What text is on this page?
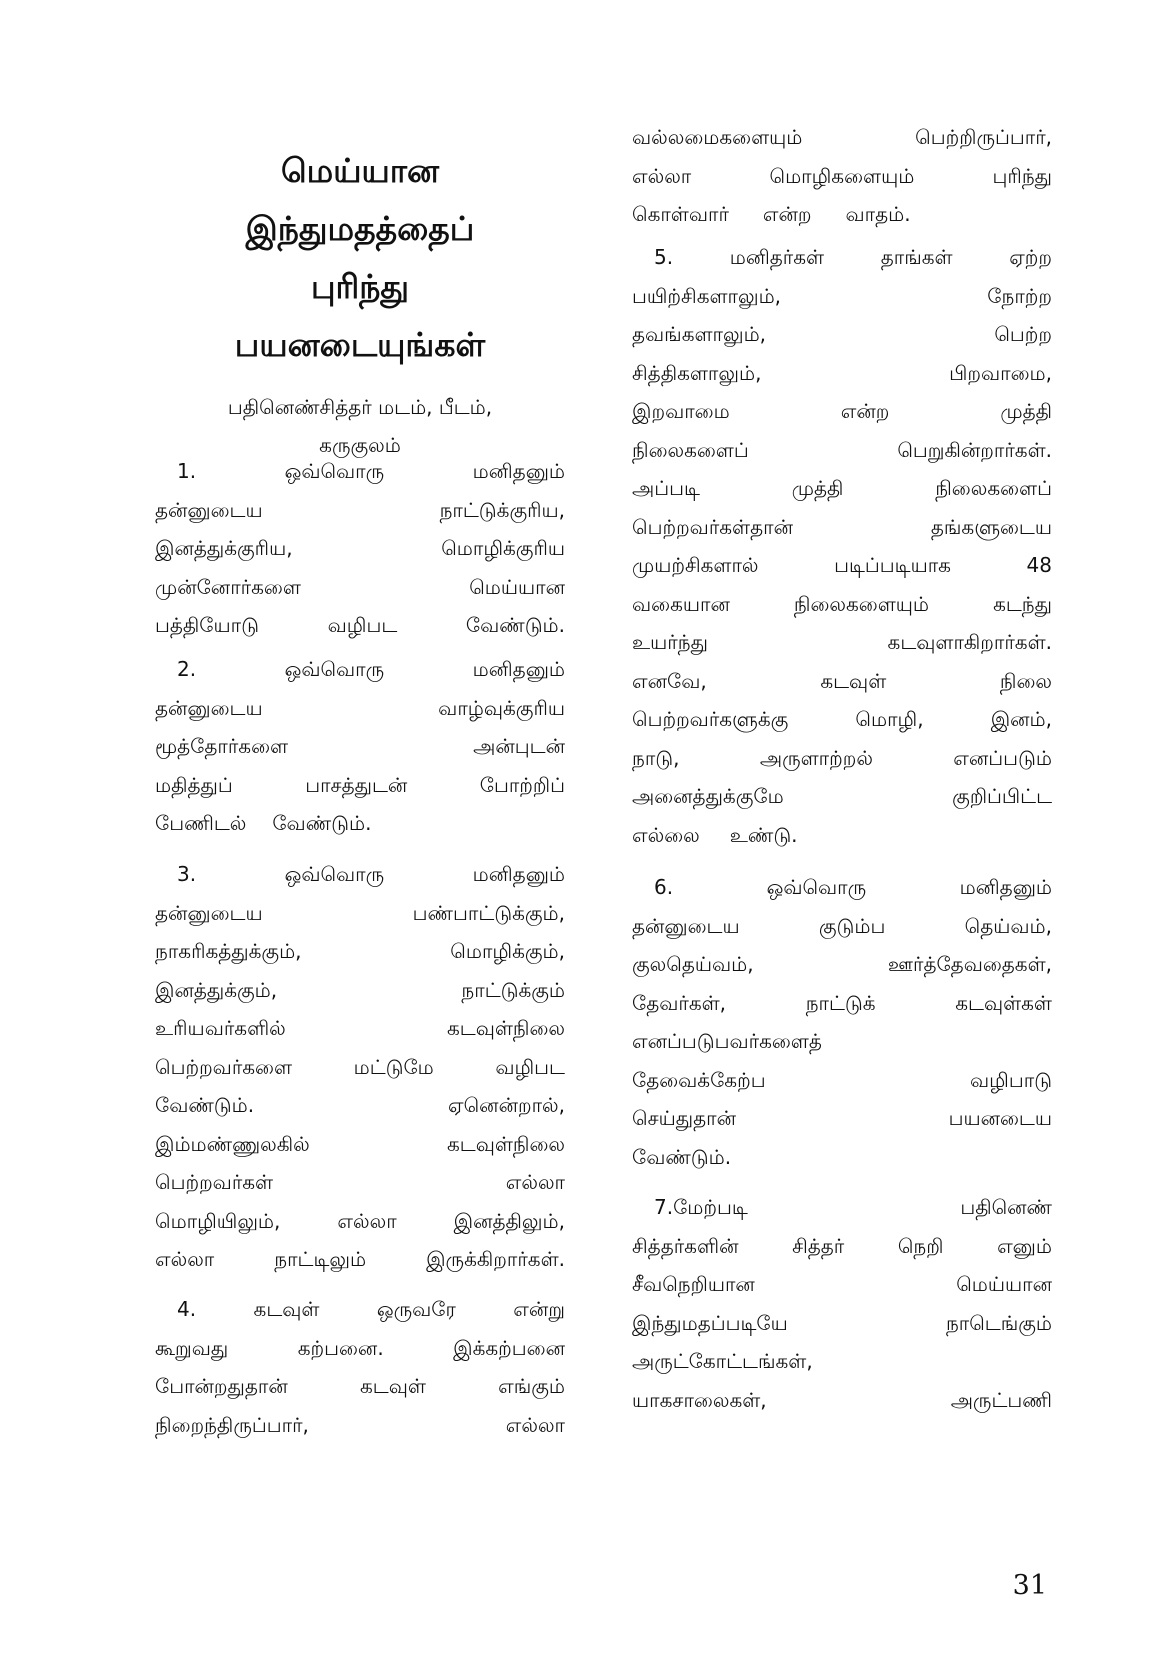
மெய்யான
இந்துமதத்தைப்
புரிந்து
பயனடையுங்கள்
பதினெண்சித்தர் மடம், பீடம்,
கருகுலம்
1.	ஒவ்வொரு	மனிதனும்
தன்னுடைய	நாட்டுக்குரிய,
இனத்துக்குரிய,	மொழிக்குரிய
முன்னோர்களை	மெய்யான
பத்தியோடு	வழிபட	வேண்டும்.
2.	ஒவ்வொரு	மனிதனும்
தன்னுடைய	வாழ்வுக்குரிய
மூத்தோர்களை	அன்புடன்
மதித்துப்	பாசத்துடன்	போற்றிப்
பேணிடல் வேண்டும்.
3.	ஒவ்வொரு	மனிதனும்
தன்னுடைய	பண்பாட்டுக்கும்,
நாகரிகத்துக்கும்,	மொழிக்கும்,
இனத்துக்கும்,	நாட்டுக்கும்
உரியவர்களில்	கடவுள்நிலை
பெற்றவர்களை	மட்டுமே	வழிபட
வேண்டும்.	ஏனென்றால்,
இம்மண்ணுலகில்	கடவுள்நிலை
பெற்றவர்கள்	எல்லா
மொழியிலும்,	எல்லா	இனத்திலும்,
எல்லா	நாட்டிலும்	இருக்கிறார்கள்.
4.	கடவுள்	ஒருவரே	என்று
கூறுவது	கற்பனை.	இக்கற்பனை
போன்றதுதான்	கடவுள்	எங்கும்
நிறைந்திருப்பார்,	எல்லா
வல்லமைகளையும்	பெற்றிருப்பார்,
எல்லா	மொழிகளையும்	புரிந்து
கொள்வார் என்ற வாதம்.
5.	மனிதர்கள்	தாங்கள்	ஏற்ற
பயிற்சிகளாலும்,	நோற்ற
தவங்களாலும்,	பெற்ற
சித்திகளாலும்,	பிறவாமை,
இறவாமை	என்ற	முத்தி
நிலைகளைப்	பெறுகின்றார்கள்.
அப்படி	முத்தி	நிலைகளைப்
பெற்றவர்கள்தான்	தங்களுடைய
முயற்சிகளால்	படிப்படியாக	48
வகையான	நிலைகளையும்	கடந்து
உயர்ந்து	கடவுளாகிறார்கள்.
எனவே,	கடவுள்	நிலை
பெற்றவர்களுக்கு	மொழி,	இனம்,
நாடு,	அருளாற்றல்	எனப்படும்
அனைத்துக்குமே	குறிப்பிட்ட
எல்லை உண்டு.
6.	ஒவ்வொரு	மனிதனும்
தன்னுடைய	குடும்ப	தெய்வம்,
குலதெய்வம்,	ஊர்த்தேவதைகள்,
தேவர்கள்,	நாட்டுக்	கடவுள்கள்
எனப்படுபவர்களைத்
தேவைக்கேற்ப	வழிபாடு
செய்துதான்	பயனடைய
வேண்டும்.
7.மேற்படி	பதினெண்
சித்தர்களின்	சித்தர்	நெறி	எனும்
சீவநெறியான	மெய்யான
இந்துமதப்படியே	நாடெங்கும்
அருட்கோட்டங்கள்,
யாகசாலைகள்,	அருட்பணி
31
